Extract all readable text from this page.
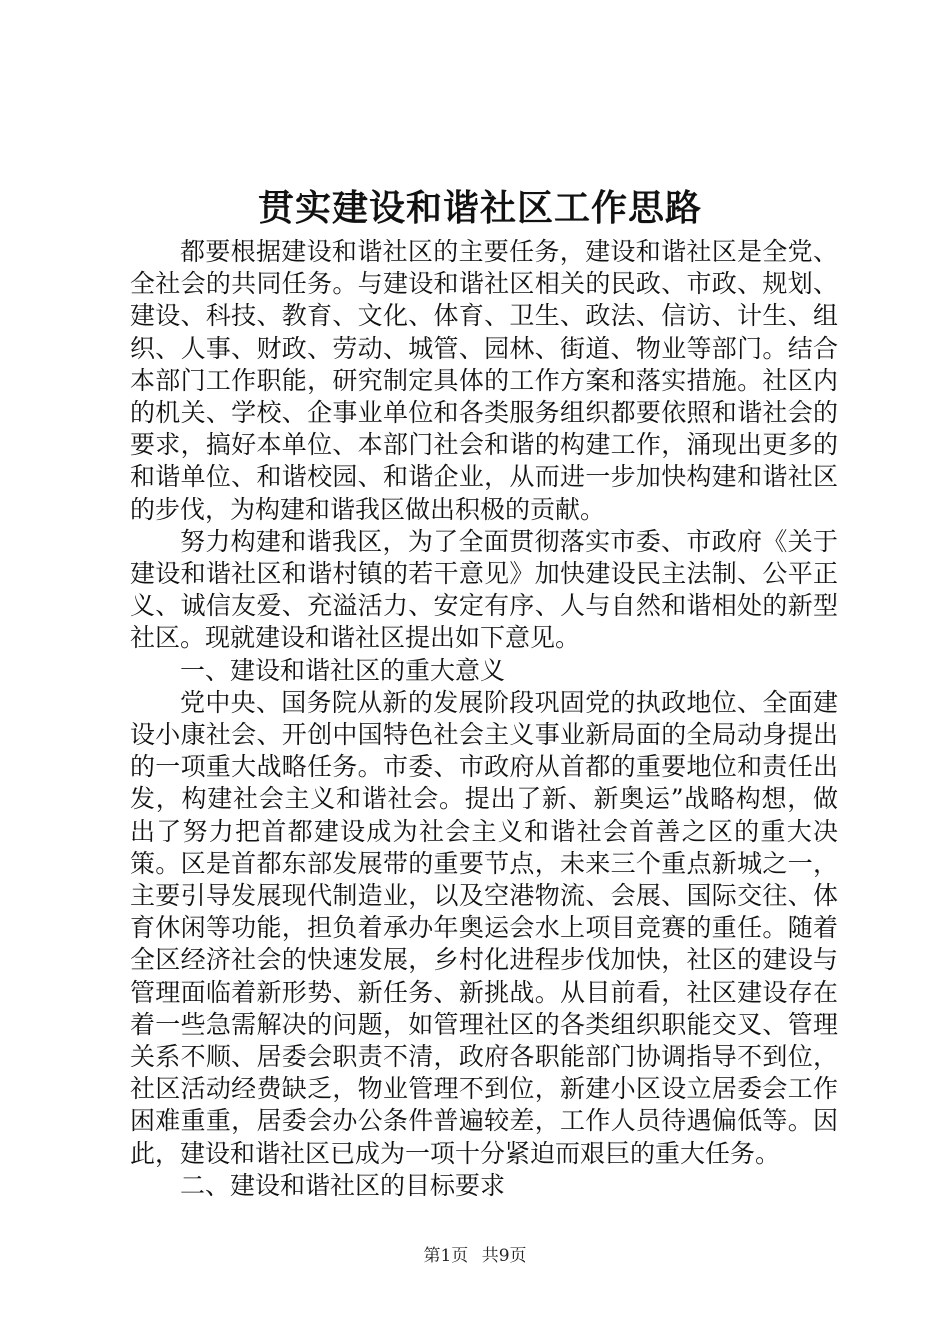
贯实建设和谐社区工作思路

都要根据建设和谐社区的主要任务，建设和谐社区是全党、全社会的共同任务。与建设和谐社区相关的民政、市政、规划、建设、科技、教育、文化、体育、卫生、政法、信访、计生、组织、人事、财政、劳动、城管、园林、街道、物业等部门。结合本部门工作职能，研究制定具体的工作方案和落实措施。社区内的机关、学校、企事业单位和各类服务组织都要依照和谐社会的要求，搞好本单位、本部门社会和谐的构建工作，涌现出更多的和谐单位、和谐校园、和谐企业，从而进一步加快构建和谐社区的步伐，为构建和谐我区做出积极的贡献。

努力构建和谐我区，为了全面贯彻落实市委、市政府《关于建设和谐社区和谐村镇的若干意见》加快建设民主法制、公平正义、诚信友爱、充溢活力、安定有序、人与自然和谐相处的新型社区。现就建设和谐社区提出如下意见。

一、建设和谐社区的重大意义

党中央、国务院从新的发展阶段巩固党的执政地位、全面建设小康社会、开创中国特色社会主义事业新局面的全局动身提出的一项重大战略任务。市委、市政府从首都的重要地位和责任出发，构建社会主义和谐社会。提出了新、新奥运”战略构想，做出了努力把首都建设成为社会主义和谐社会首善之区的重大决策。区是首都东部发展带的重要节点，未来三个重点新城之一，主要引导发展现代制造业，以及空港物流、会展、国际交往、体育休闲等功能，担负着承办年奥运会水上项目竞赛的重任。随着全区经济社会的快速发展，乡村化进程步伐加快，社区的建设与管理面临着新形势、新任务、新挑战。从目前看，社区建设存在着一些急需解决的问题，如管理社区的各类组织职能交叉、管理关系不顺、居委会职责不清，政府各职能部门协调指导不到位，社区活动经费缺乏，物业管理不到位，新建小区设立居委会工作困难重重，居委会办公条件普遍较差，工作人员待遇偏低等。因此，建设和谐社区已成为一项十分紧迫而艰巨的重大任务。

二、建设和谐社区的目标要求

第1页 共9页
